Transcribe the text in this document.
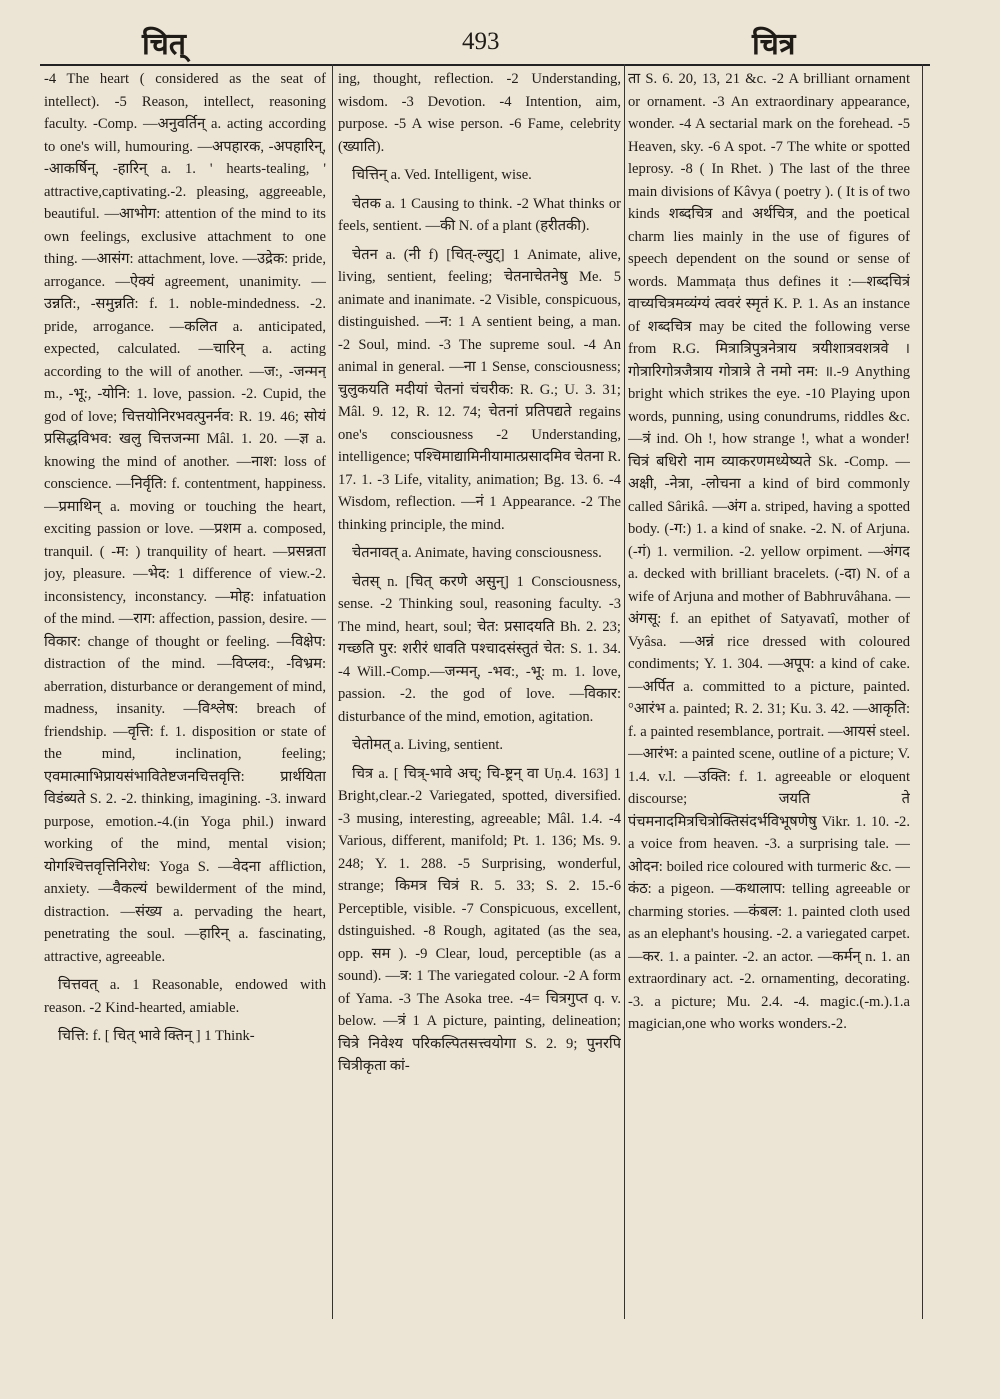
चित्	493	चित्र

-4 The heart ( considered as the seat of intellect). -5 Reason, intellect, reasoning faculty. -Comp. —अनुवर्तिन् a. acting according to one's will, humouring. —अपहारक, -अपहारिन्, -आकर्षिन्, -हारिन् a. 1. ' hearts-tealing, ' attractive,captivating.-2. pleasing, aggreeable, beautiful. —आभोग: attention of the mind to its own feelings, exclusive attachment to one thing. —आसंग: attachment, love. —उद्रेक: pride, arrogance. —ऐक्यं agreement, unanimity. —उन्नति:, -समुन्नति: f. 1. noble-mindedness. -2. pride, arrogance. —कलित a. anticipated, expected, calculated. —चारिन् a. acting according to the will of another. —ज:, -जन्मन् m., -भू:, -योनि: 1. love, passion. -2. Cupid, the god of love; चित्तयोनिरभवत्पुनर्नव: R. 19. 46; सोयं प्रसिद्धविभव: खलु चित्तजन्मा Mâl. 1. 20. —ज्ञ a. knowing the mind of another. —नाश: loss of conscience. —निर्वृति: f. contentment, happiness. —प्रमाथिन् a. moving or touching the heart, exciting passion or love. —प्रशम a. composed, tranquil. ( -म: ) tranquility of heart. —प्रसन्नता joy, pleasure. —भेद: 1 difference of view.-2. inconsistency, inconstancy. —मोह: infatuation of the mind. —राग: affection, passion, desire. —विकार: change of thought or feeling. —विक्षेप: distraction of the mind. —विप्लव:, -विभ्रम: aberration, disturbance or derangement of mind, madness, insanity. —विश्लेष: breach of friendship. —वृत्ति: f. 1. disposition or state of the mind, inclination, feeling; एवमात्माभिप्रायसंभावितेष्टजनचित्तवृत्ति: प्रार्थयिता विडंब्यते S. 2. -2. thinking, imagining. -3. inward purpose, emotion.-4.(in Yoga phil.) inward working of the mind, mental vision; योगश्चित्तवृत्तिनिरोध: Yoga S. —वेदना affliction, anxiety. —वैकल्यं bewilderment of the mind, distraction. —संख्य a. pervading the heart, penetrating the soul. —हारिन् a. fascinating, attractive, agreeable.

चित्तवत् a. 1 Reasonable, endowed with reason. -2 Kind-hearted, amiable.

चित्ति: f. [ चित् भावे क्तिन् ] 1 Think-

ing, thought, reflection. -2 Understanding, wisdom. -3 Devotion. -4 Intention, aim, purpose. -5 A wise person. -6 Fame, celebrity (ख्याति).

चित्तिन् a. Ved. Intelligent, wise.

चेतक a. 1 Causing to think. -2 What thinks or feels, sentient. —की N. of a plant (हरीतकी).

चेतन a. (नी f) [चित्-ल्युट्] 1 Animate, alive, living, sentient, feeling; चेतनाचेतनेषु Me. 5 animate and inanimate. -2 Visible, conspicuous, distinguished. —न: 1 A sentient being, a man. -2 Soul, mind. -3 The supreme soul. -4 An animal in general. —ना 1 Sense, consciousness; चुलुकयति मदीयां चेतनां चंचरीक: R. G.; U. 3. 31; Mâl. 9. 12, R. 12. 74; चेतनां प्रतिपद्यते regains one's consciousness -2 Understanding, intelligence; पश्चिमाद्यामिनीयामात्प्रसादमिव चेतना R. 17. 1. -3 Life, vitality, animation; Bg. 13. 6. -4 Wisdom, reflection. —नं 1 Appearance. -2 The thinking principle, the mind.

चेतनावत् a. Animate, having consciousness.

चेतस् n. [चित् करणे असुन्] 1 Consciousness, sense. -2 Thinking soul, reasoning faculty. -3 The mind, heart, soul; चेत: प्रसादयति Bh. 2. 23; गच्छति पुर: शरीरं धावति पश्चादसंस्तुतं चेत: S. 1. 34. -4 Will.-Comp.—जन्मन्, -भव:, -भू: m. 1. love, passion. -2. the god of love. —विकार: disturbance of the mind, emotion, agitation.

चेतोमत् a. Living, sentient.

चित्र a. [ चित्र्-भावे अच्; चि-ष्ट्रन् वा Uṇ.4. 163] 1 Bright,clear.-2 Variegated, spotted, diversified. -3 musing, interesting, agreeable; Mâl. 1.4. -4 Various, different, manifold; Pt. 1. 136; Ms. 9. 248; Y. 1. 288. -5 Surprising, wonderful, strange; किमत्र चित्रं R. 5. 33; S. 2. 15.-6 Perceptible, visible. -7 Conspicuous, excellent, dstinguished. -8 Rough, agitated (as the sea, opp. सम ). -9 Clear, loud, perceptible (as a sound). —त्र: 1 The variegated colour. -2 A form of Yama. -3 The Asoka tree. -4= चित्रगुप्त q. v. below. —त्रं 1 A picture, painting, delineation; चित्रे निवेश्य परिकल्पितसत्त्वयोगा S. 2. 9; पुनरपि चित्रीकृता कां-

ता S. 6. 20, 13, 21 &c. -2 A brilliant ornament or ornament. -3 An extraordinary appearance, wonder. -4 A sectarial mark on the forehead. -5 Heaven, sky. -6 A spot. -7 The white or spotted leprosy. -8 ( In Rhet. ) The last of the three main divisions of Kâvya ( poetry ). ( It is of two kinds शब्दचित्र and अर्थचित्र, and the poetical charm lies mainly in the use of figures of speech dependent on the sound or sense of words. Mammaṭa thus defines it :—शब्दचित्रं वाच्यचित्रमव्यंग्यं त्ववरं स्मृतं K. P. 1. As an instance of शब्दचित्र may be cited the following verse from R.G. मित्रात्रिपुत्रनेत्राय त्रयीशात्रवशत्रवे । गोत्रारिगोत्रजैत्राय गोत्रात्रे ते नमो नम: ॥.-9 Anything bright which strikes the eye. -10 Playing upon words, punning, using conundrums, riddles &c. —त्रं ind. Oh !, how strange !, what a wonder! चित्रं बधिरो नाम व्याकरणमध्येष्यते Sk. -Comp. —अक्षी, -नेत्रा, -लोचना a kind of bird commonly called Sârikâ. —अंग a. striped, having a spotted body. (-ग:) 1. a kind of snake. -2. N. of Arjuna. (-गं) 1. vermilion. -2. yellow orpiment. —अंगद a. decked with brilliant bracelets. (-दा) N. of a wife of Arjuna and mother of Babhruvâhana. —अंगसू: f. an epithet of Satyavatî, mother of Vyâsa. —अन्नं rice dressed with coloured condiments; Y. 1. 304. —अपूप: a kind of cake. —अर्पित a. committed to a picture, painted. °आरंभ a. painted; R. 2. 31; Ku. 3. 42. —आकृति: f. a painted resemblance, portrait. —आयसं steel. —आरंभ: a painted scene, outline of a picture; V. 1.4. v.l. —उक्ति: f. 1. agreeable or eloquent discourse; जयति ते पंचमनादमित्रचित्रोक्तिसंदर्भविभूषणेषु Vikr. 1. 10. -2. a voice from heaven. -3. a surprising tale. —ओदन: boiled rice coloured with turmeric &c. —कंठ: a pigeon. —कथालाप: telling agreeable or charming stories. —कंबल: 1. painted cloth used as an elephant's housing. -2. a variegated carpet. —कर. 1. a painter. -2. an actor. —कर्मन् n. 1. an extraordinary act. -2. ornamenting, decorating. -3. a picture; Mu. 2.4. -4. magic.(-m.).1.a magician,one who works wonders.-2.
